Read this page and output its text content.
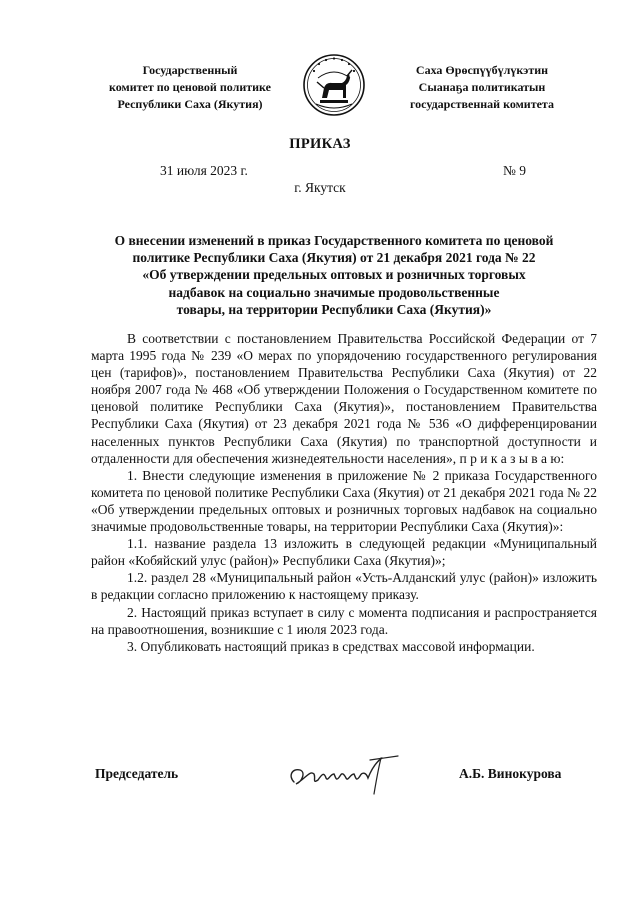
Государственный
комитет по ценовой политике
Республики Саха (Якутия)
Саха Өрөспүүбүлүкэтин
Сыанаҕа политикатын
государственнай комитета
ПРИКАЗ
31 июля 2023 г.	№ 9
г. Якутск
О внесении изменений в приказ Государственного комитета по ценовой
политике Республики Саха (Якутия) от 21 декабря 2021 года № 22
«Об утверждении предельных оптовых и розничных торговых
надбавок на социально значимые продовольственные
товары, на территории Республики Саха (Якутия)»

В соответствии с постановлением Правительства Российской Федерации от 7 марта 1995 года № 239 «О мерах по упорядочению государственного регулирования цен (тарифов)», постановлением Правительства Республики Саха (Якутия) от 22 ноября 2007 года № 468 «Об утверждении Положения о Государственном комитете по ценовой политике Республики Саха (Якутия)», постановлением Правительства Республики Саха (Якутия) от 23 декабря 2021 года № 536 «О дифференцировании населенных пунктов Республики Саха (Якутия) по транспортной доступности и отдаленности для обеспечения жизнедеятельности населения», п р и к а з ы в а ю:

1. Внести следующие изменения в приложение № 2 приказа Государственного комитета по ценовой политике Республики Саха (Якутия) от 21 декабря 2021 года № 22 «Об утверждении предельных оптовых и розничных торговых надбавок на социально значимые продовольственные товары, на территории Республики Саха (Якутия)»:

1.1. название раздела 13 изложить в следующей редакции «Муниципальный район «Кобяйский улус (район)» Республики Саха (Якутия)»;

1.2. раздел 28 «Муниципальный район «Усть-Алданский улус (район)» изложить в редакции согласно приложению к настоящему приказу.

2. Настоящий приказ вступает в силу с момента подписания и распространяется на правоотношения, возникшие с 1 июля 2023 года.

3. Опубликовать настоящий приказ в средствах массовой информации.

Председатель	А.Б. Винокурова
